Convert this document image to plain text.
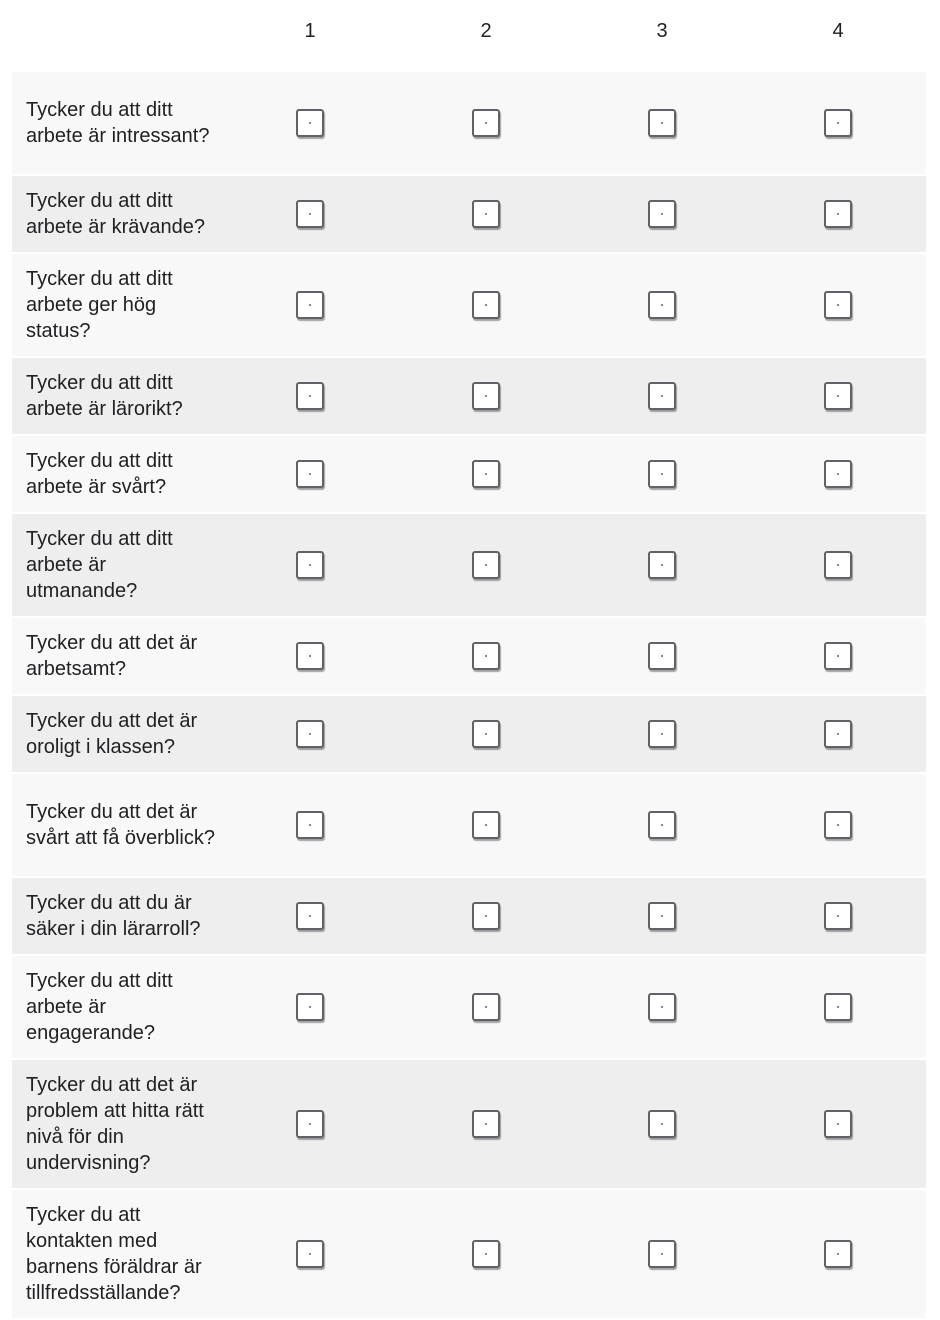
1	2	3	4
Tycker du att ditt arbete är intressant?
Tycker du att ditt arbete är krävande?
Tycker du att ditt arbete ger hög status?
Tycker du att ditt arbete är lärorikt?
Tycker du att ditt arbete är svårt?
Tycker du att ditt arbete är utmanande?
Tycker du att det är arbetsamt?
Tycker du att det är oroligt i klassen?
Tycker du att det är svårt att få överblick?
Tycker du att du är säker i din lärarroll?
Tycker du att ditt arbete är engagerande?
Tycker du att det är problem att hitta rätt nivå för din undervisning?
Tycker du att kontakten med barnens föräldrar är tillfredsställande?
